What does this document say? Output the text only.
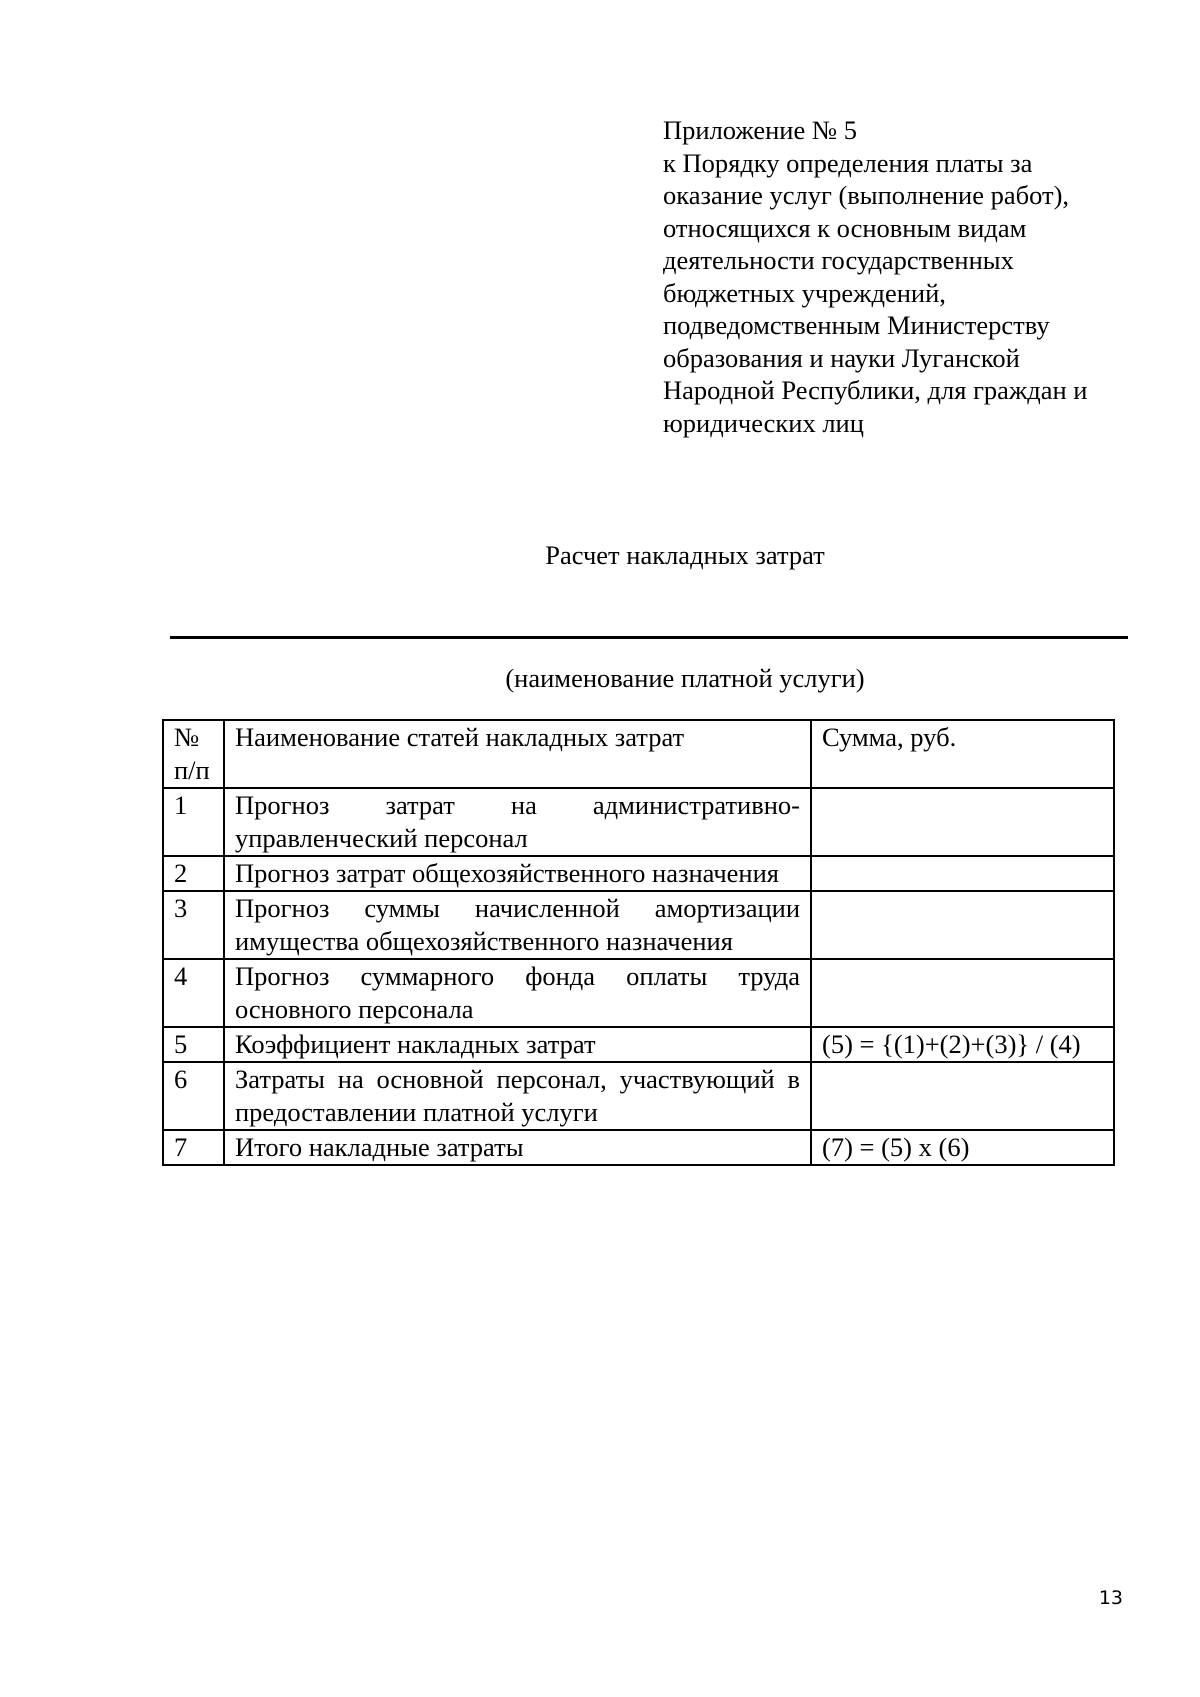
Приложение № 5
к Порядку определения платы за
оказание услуг (выполнение работ),
относящихся к основным видам
деятельности государственных
бюджетных учреждений,
подведомственным Министерству
образования и науки Луганской
Народной Республики, для граждан и
юридических лиц
Расчет накладных затрат
(наименование платной услуги)
№ п/п	Наименование статей накладных затрат	Сумма, руб.
1	Прогноз затрат на административно-управленческий персонал	
2	Прогноз затрат общехозяйственного назначения	
3	Прогноз суммы начисленной амортизации имущества общехозяйственного назначения	
4	Прогноз суммарного фонда оплаты труда основного персонала	
5	Коэффициент накладных затрат	(5) = {(1)+(2)+(3)} / (4)
6	Затраты на основной персонал, участвующий в предоставлении платной услуги	
7	Итого накладные затраты	(7) = (5) х (6)
13
